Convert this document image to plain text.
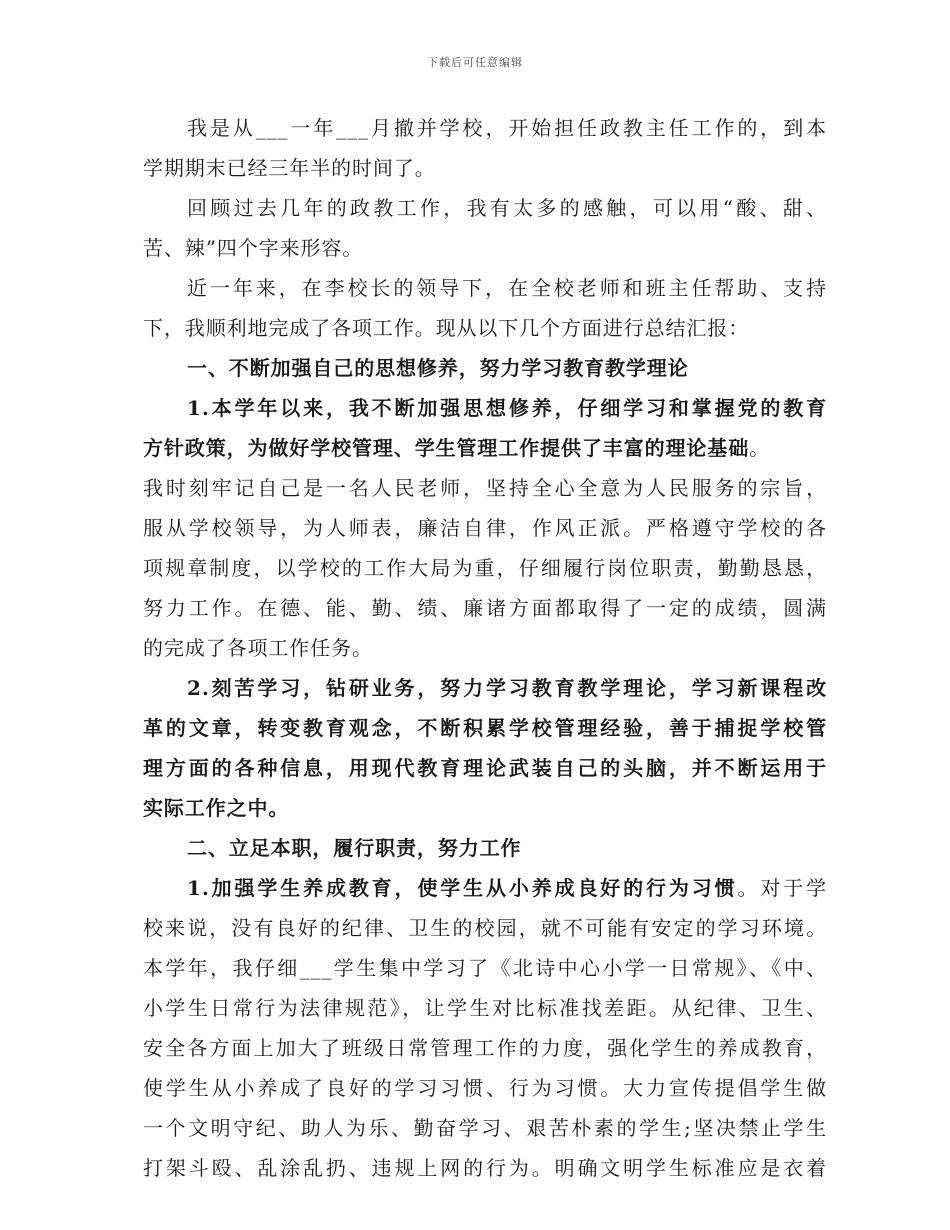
下载后可任意编辑
我是从___一年___月撤并学校，开始担任政教主任工作的，到本
学期期末已经三年半的时间了。
回顾过去几年的政教工作，我有太多的感触，可以用“酸、甜、
苦、辣”四个字来形容。
近一年来，在李校长的领导下，在全校老师和班主任帮助、支持
下，我顺利地完成了各项工作。现从以下几个方面进行总结汇报：
一、不断加强自己的思想修养，努力学习教育教学理论
1.本学年以来，我不断加强思想修养，仔细学习和掌握党的教育
方针政策，为做好学校管理、学生管理工作提供了丰富的理论基础。
我时刻牢记自己是一名人民老师，坚持全心全意为人民服务的宗旨，
服从学校领导，为人师表，廉洁自律，作风正派。严格遵守学校的各
项规章制度，以学校的工作大局为重，仔细履行岗位职责，勤勤恳恳，
努力工作。在德、能、勤、绩、廉诸方面都取得了一定的成绩，圆满
的完成了各项工作任务。
2.刻苦学习，钻研业务，努力学习教育教学理论，学习新课程改
革的文章，转变教育观念，不断积累学校管理经验，善于捕捉学校管
理方面的各种信息，用现代教育理论武装自己的头脑，并不断运用于
实际工作之中。
二、立足本职，履行职责，努力工作
1.加强学生养成教育，使学生从小养成良好的行为习惯。对于学
校来说，没有良好的纪律、卫生的校园，就不可能有安定的学习环境。
本学年，我仔细___学生集中学习了《北诗中心小学一日常规》、《中、
小学生日常行为法律规范》，让学生对比标准找差距。从纪律、卫生、
安全各方面上加大了班级日常管理工作的力度，强化学生的养成教育，
使学生从小养成了良好的学习习惯、行为习惯。大力宣传提倡学生做
一个文明守纪、助人为乐、勤奋学习、艰苦朴素的学生;坚决禁止学生
打架斗殴、乱涂乱扔、违规上网的行为。明确文明学生标准应是衣着
